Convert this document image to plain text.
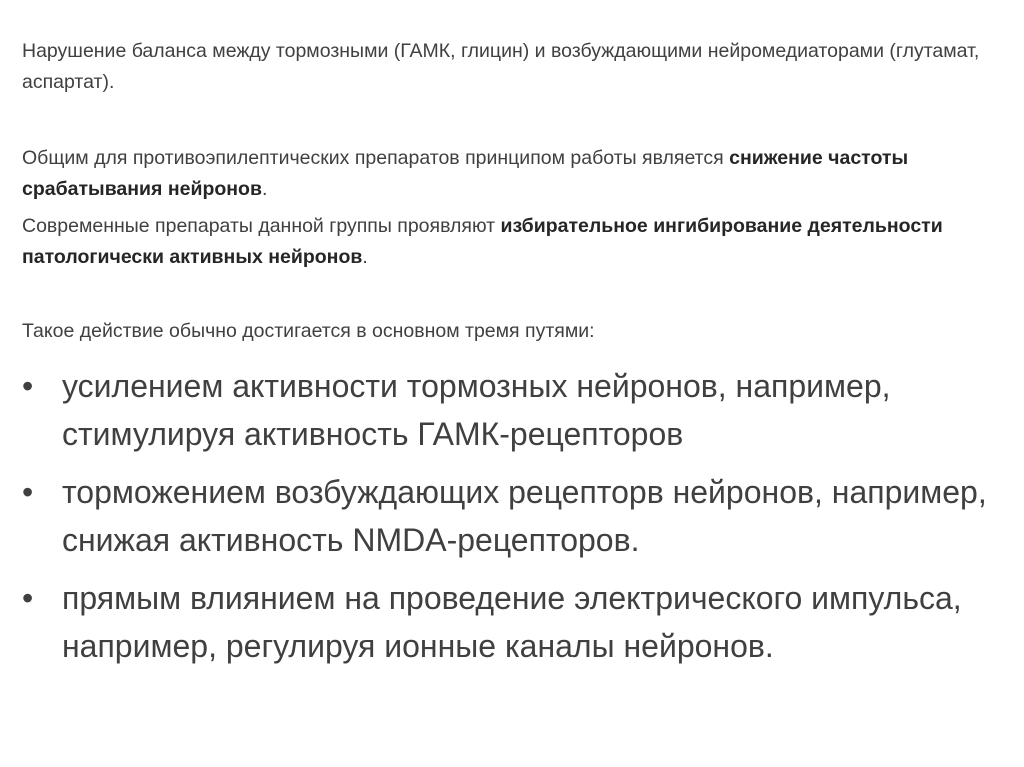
Нарушение баланса между тормозными (ГАМК, глицин) и возбуждающими нейромедиаторами (глутамат, аспартат).
Общим для противоэпилептических препаратов принципом работы является снижение частоты срабатывания нейронов.
Современные препараты данной группы проявляют избирательное ингибирование деятельности патологически активных нейронов.
Такое действие обычно достигается в основном тремя путями:
• усилением активности тормозных нейронов, например, стимулируя активность ГАМК-рецепторов
• торможением возбуждающих рецепторв нейронов, например, снижая активность NMDA-рецепторов.
• прямым влиянием на проведение электрического импульса, например, регулируя ионные каналы нейронов.
